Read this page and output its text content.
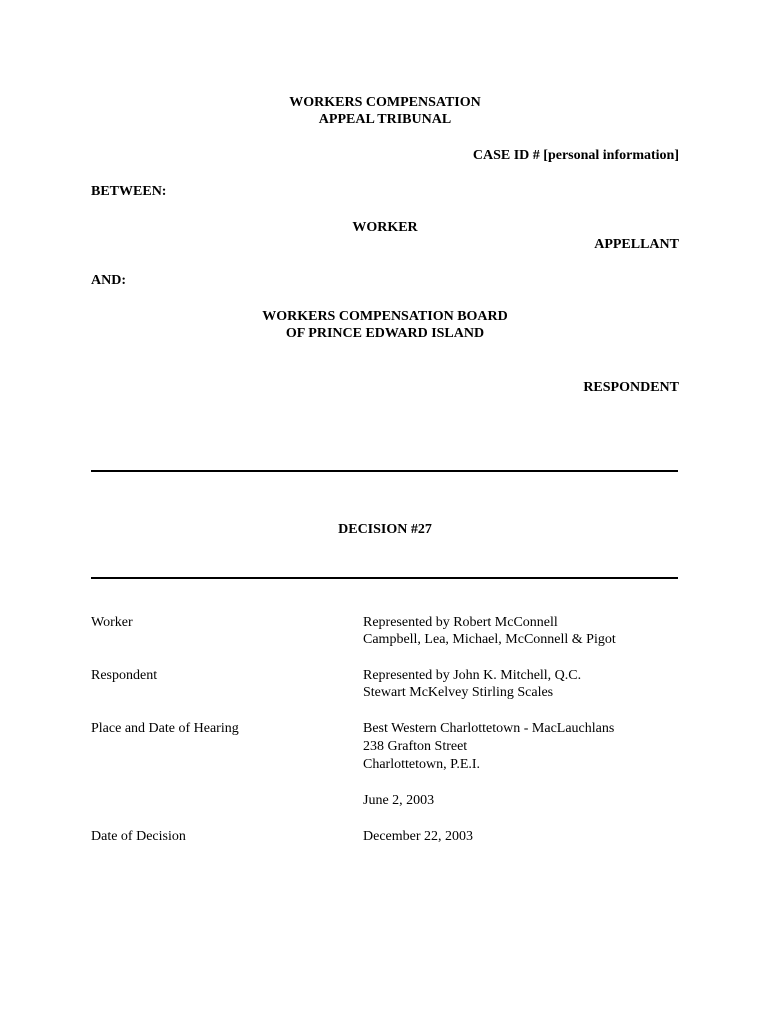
WORKERS COMPENSATION
APPEAL TRIBUNAL
CASE ID # [personal information]
BETWEEN:
WORKER
APPELLANT
AND:
WORKERS COMPENSATION BOARD
OF PRINCE EDWARD ISLAND
RESPONDENT
DECISION #27
Worker	Represented by Robert McConnell
Campbell, Lea, Michael, McConnell & Pigot
Respondent	Represented by John K. Mitchell, Q.C.
Stewart McKelvey Stirling Scales
Place and Date of Hearing	Best Western Charlottetown - MacLauchlans
238 Grafton Street
Charlottetown, P.E.I.
June 2, 2003
Date of Decision	December 22, 2003
